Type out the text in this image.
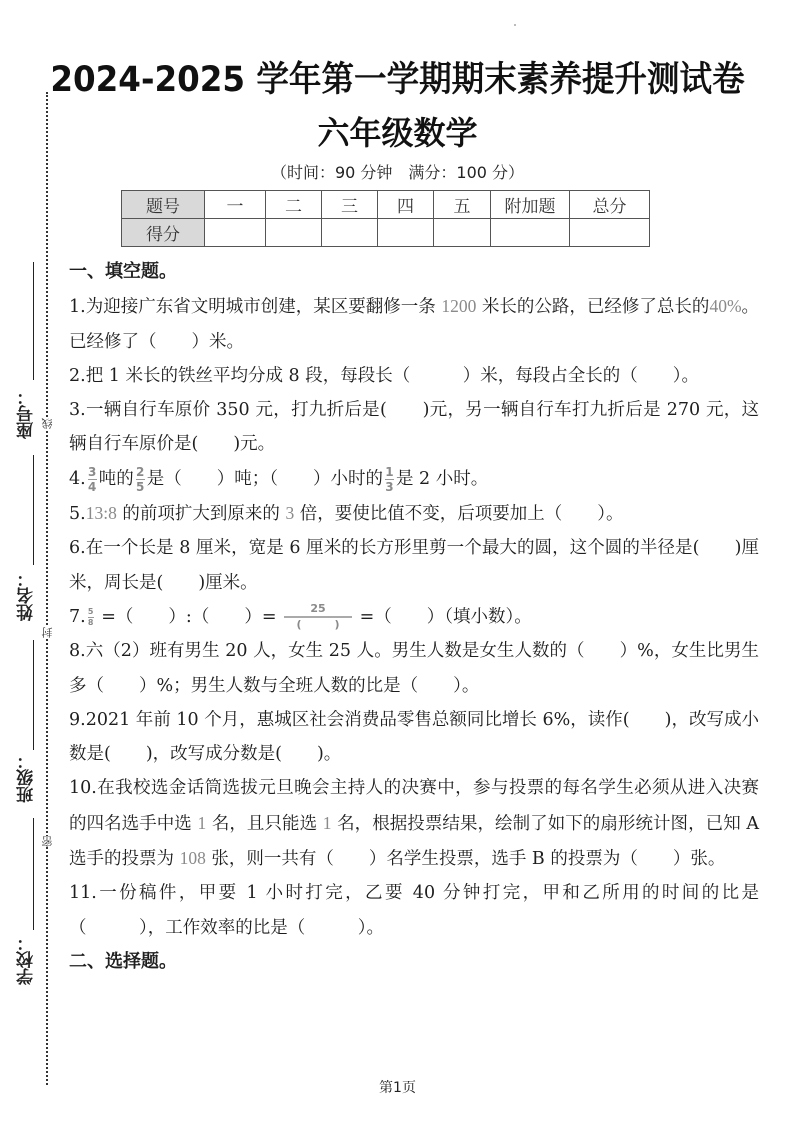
2024-2025 学年第一学期期末素养提升测试卷
六年级数学
（时间：90 分钟　满分：100 分）
题号	一	二	三	四	五	附加题	总分
得分							
线
封
密
座号：
姓名：
班级：
学校：
一、填空题。
1.为迎接广东省文明城市创建，某区要翻修一条 1200 米长的公路，已经修了总长的40%。已经修了（　　）米。
2.把 1 米长的铁丝平均分成 8 段，每段长（　　　）米，每段占全长的（　　）。
3.一辆自行车原价 350 元，打九折后是(　　)元，另一辆自行车打九折后是 270 元，这辆自行车原价是(　　)元。
4. $\frac{3}{4}$ 吨的 $\frac{2}{5}$ 是（　　）吨；（　　）小时的 $\frac{1}{3}$ 是 2 小时。
5.13:8 的前项扩大到原来的 3 倍，要使比值不变，后项要加上（　　）。
6.在一个长是 8 厘米，宽是 6 厘米的长方形里剪一个最大的圆，这个圆的半径是(　　)厘米，周长是(　　)厘米。
7. $\frac{5}{8}$ =（　　）:（　　）= $\frac{25}{( )}$ =（　　）（填小数）。
8.六（2）班有男生 20 人，女生 25 人。男生人数是女生人数的（　　）%，女生比男生多（　　）%；男生人数与全班人数的比是（　　）。
9.2021 年前 10 个月，惠城区社会消费品零售总额同比增长 6%，读作(　　)，改写成小数是(　　)，改写成分数是(　　)。
10.在我校选金话筒选拔元旦晚会主持人的决赛中，参与投票的每名学生必须从进入决赛的四名选手中选 1 名，且只能选 1 名，根据投票结果，绘制了如下的扇形统计图，已知 A 选手的投票为 108 张，则一共有（　　）名学生投票，选手 B 的投票为（　　）张。
11.一份稿件，甲要 1 小时打完，乙要 40 分钟打完，甲和乙所用的时间的比是（　　　），工作效率的比是（　　　）。
二、选择题。
第1页
